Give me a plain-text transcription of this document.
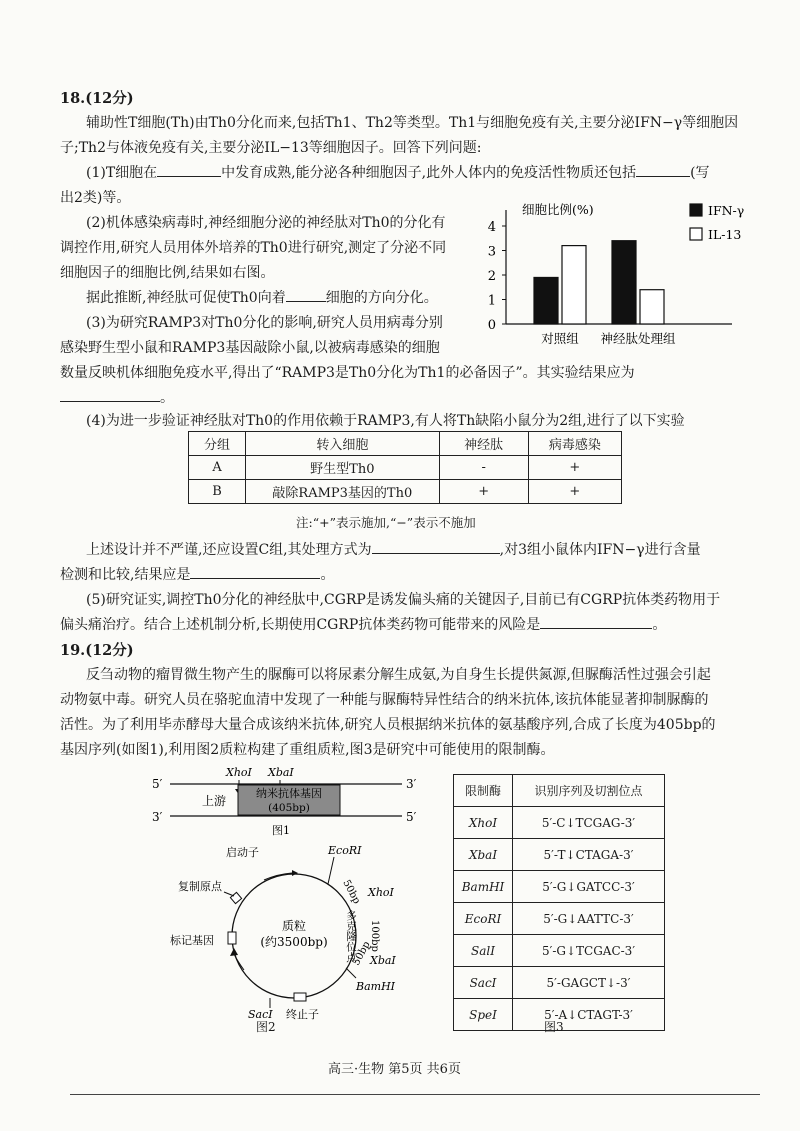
18.(12分)
辅助性T细胞(Th)由Th0分化而来,包括Th1、Th2等类型。Th1与细胞免疫有关,主要分泌IFN−γ等细胞因
子;Th2与体液免疫有关,主要分泌IL−13等细胞因子。回答下列问题:
(1)T细胞在	中发育成熟,能分泌各种细胞因子,此外人体内的免疫活性物质还包括	(写
出2类)等。
(2)机体感染病毒时,神经细胞分泌的神经肽对Th0的分化有
调控作用,研究人员用体外培养的Th0进行研究,测定了分泌不同
细胞因子的细胞比例,结果如右图。
据此推断,神经肽可促使Th0向着	细胞的方向分化。
(3)为研究RAMP3对Th0分化的影响,研究人员用病毒分别
感染野生型小鼠和RAMP3基因敲除小鼠,以被病毒感染的细胞
数量反映机体细胞免疫水平,得出了“RAMP3是Th0分化为Th1的必备因子”。其实验结果应为
。
0
1
2
3
4
细胞比例(%)
对照组 神经肽处理组
IFN-γ
IL-13
分组	转入细胞	神经肽	病毒感染
A	野生型Th0	-	+
B	敲除RAMP3基因的Th0	+	+
注:“+”表示施加,“−”表示不施加
(4)为进一步验证神经肽对Th0的作用依赖于RAMP3,有人将Th缺陷小鼠分为2组,进行了以下实验
上述设计并不严谨,还应设置C组,其处理方式为	,对3组小鼠体内IFN−γ进行含量
检测和比较,结果应是	。
(5)研究证实,调控Th0分化的神经肽中,CGRP是诱发偏头痛的关键因子,目前已有CGRP抗体类药物用于
偏头痛治疗。结合上述机制分析,长期使用CGRP抗体类药物可能带来的风险是	。
19.(12分)
反刍动物的瘤胃微生物产生的脲酶可以将尿素分解生成氨,为自身生长提供氮源,但脲酶活性过强会引起
动物氨中毒。研究人员在骆驼血清中发现了一种能与脲酶特异性结合的纳米抗体,该抗体能显著抑制脲酶的
活性。为了利用毕赤酵母大量合成该纳米抗体,研究人员根据纳米抗体的氨基酸序列,合成了长度为405bp的
基因序列(如图1),利用图2质粒构建了重组质粒,图3是研究中可能使用的限制酶。
XhoⅠ XbaⅠ
5′	3′
3′	5′
上游
纳米抗体基因
(405bp)
图1
启动子	EcoRⅠ
复制原点	50bp XhoⅠ
多克隆位点 100bp
XbaⅠ
50bp
BamHⅠ
质粒
(约3500bp)
标记基因
SacⅠ 终止子
图2
限制酶	识别序列及切割位点
XhoⅠ	5′-C↓TCGAG-3′
XbaⅠ	5′-T↓CTAGA-3′
BamHⅠ	5′-G↓GATCC-3′
EcoRⅠ	5′-G↓AATTC-3′
SalⅠ	5′-G↓TCGAC-3′
SacⅠ	5′-GAGCT↓-3′
SpeⅠ	5′-A↓CTAGT-3′
图3
高三·生物 第5页 共6页
